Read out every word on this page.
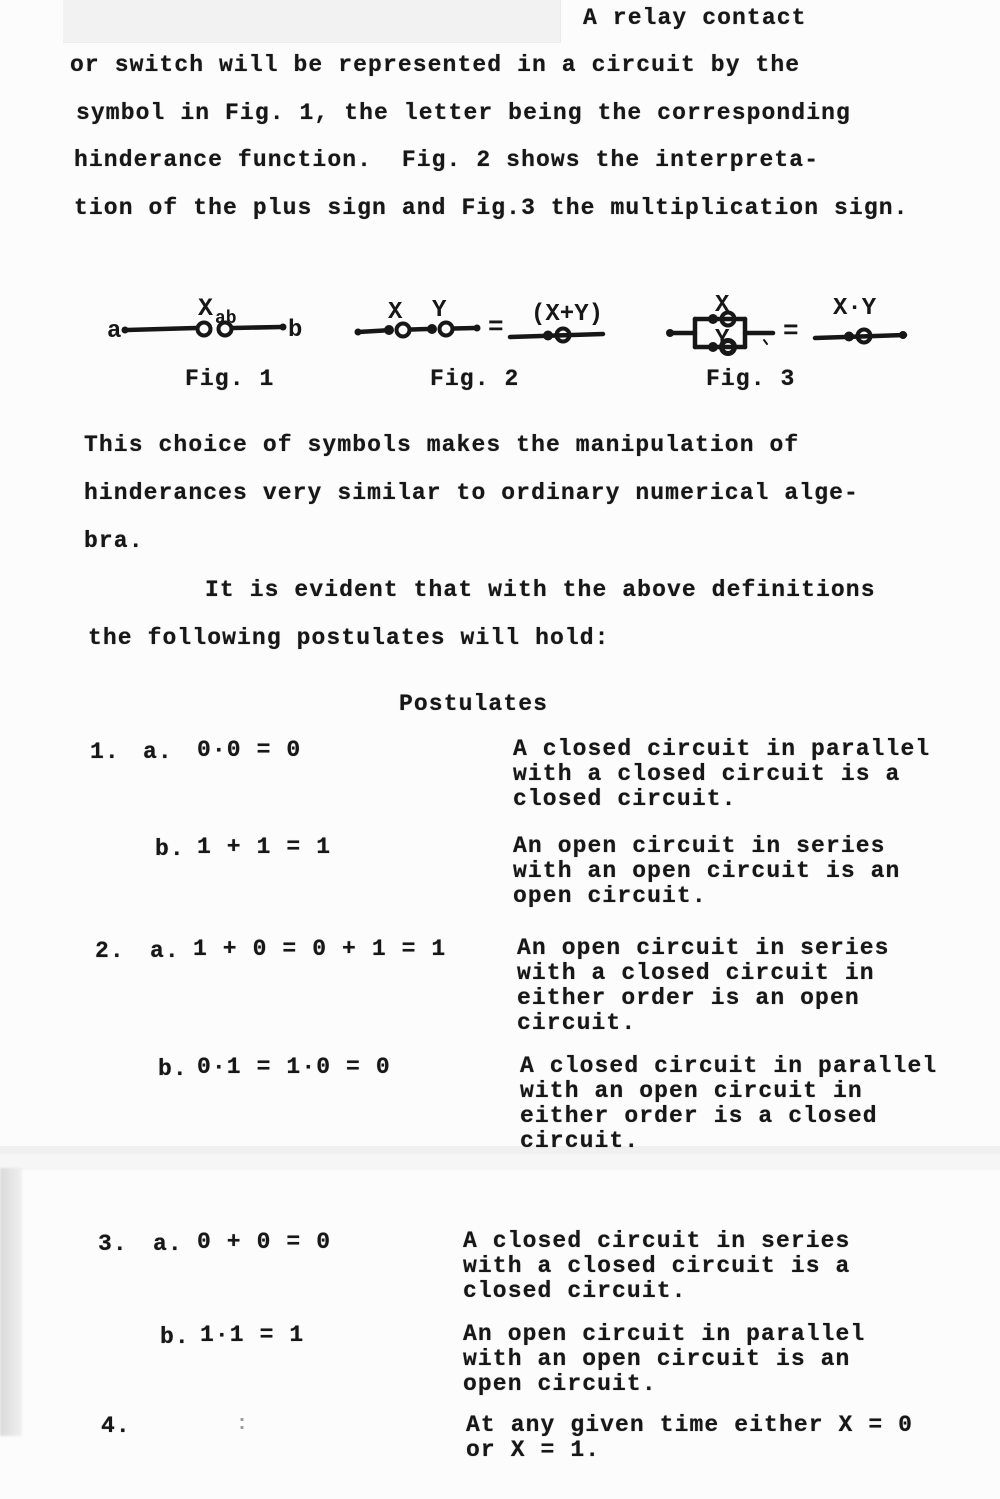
A relay contact
or switch will be represented in a circuit by the
symbol in Fig. 1, the letter being the corresponding
hinderance function.  Fig. 2 shows the interpreta-
tion of the plus sign and Fig.3 the multiplication sign.
a	b
X ab	X Y
= (X+Y)	X
Y =
X·Y
Fig. 1	Fig. 2	Fig. 3
This choice of symbols makes the manipulation of
hinderances very similar to ordinary numerical alge-
bra.
It is evident that with the above definitions
the following postulates will hold:
Postulates
1. a. 0·0 = 0	A closed circuit in parallel
with a closed circuit is a
closed circuit.
b. 1 + 1 = 1	An open circuit in series
with an open circuit is an
open circuit.
2. a. 1 + 0 = 0 + 1 = 1	An open circuit in series
with a closed circuit in
either order is an open
circuit.
b. 0·1 = 1·0 = 0	A closed circuit in parallel
with an open circuit in
either order is a closed
circuit.
3. a. 0 + 0 = 0	A closed circuit in series
with a closed circuit is a
closed circuit.
b. 1·1 = 1	An open circuit in parallel
with an open circuit is an
open circuit.
4.	:	At any given time either X = 0
or X = 1.
